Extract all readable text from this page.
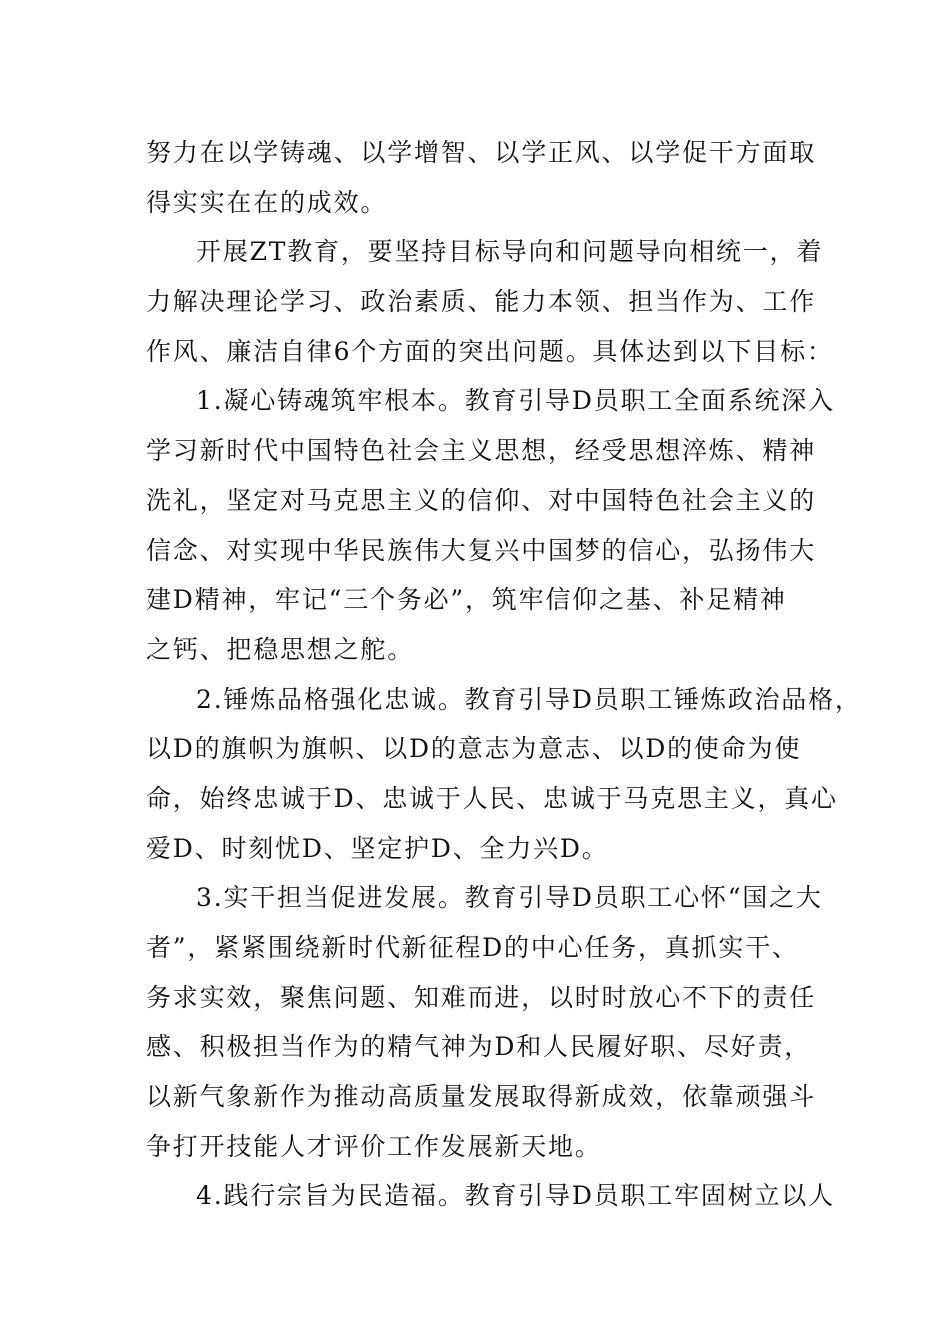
努力在以学铸魂、以学增智、以学正风、以学促干方面取
得实实在在的成效。
开展ZT教育，要坚持目标导向和问题导向相统一，着
力解决理论学习、政治素质、能力本领、担当作为、工作
作风、廉洁自律6个方面的突出问题。具体达到以下目标：
1.凝心铸魂筑牢根本。教育引导D员职工全面系统深入
学习新时代中国特色社会主义思想，经受思想淬炼、精神
洗礼，坚定对马克思主义的信仰、对中国特色社会主义的
信念、对实现中华民族伟大复兴中国梦的信心，弘扬伟大
建D精神，牢记“三个务必”，筑牢信仰之基、补足精神
之钙、把稳思想之舵。
2.锤炼品格强化忠诚。教育引导D员职工锤炼政治品格，
以D的旗帜为旗帜、以D的意志为意志、以D的使命为使
命，始终忠诚于D、忠诚于人民、忠诚于马克思主义，真心
爱D、时刻忧D、坚定护D、全力兴D。
3.实干担当促进发展。教育引导D员职工心怀“国之大
者”，紧紧围绕新时代新征程D的中心任务，真抓实干、
务求实效，聚焦问题、知难而进，以时时放心不下的责任
感、积极担当作为的精气神为D和人民履好职、尽好责，
以新气象新作为推动高质量发展取得新成效，依靠顽强斗
争打开技能人才评价工作发展新天地。
4.践行宗旨为民造福。教育引导D员职工牢固树立以人
